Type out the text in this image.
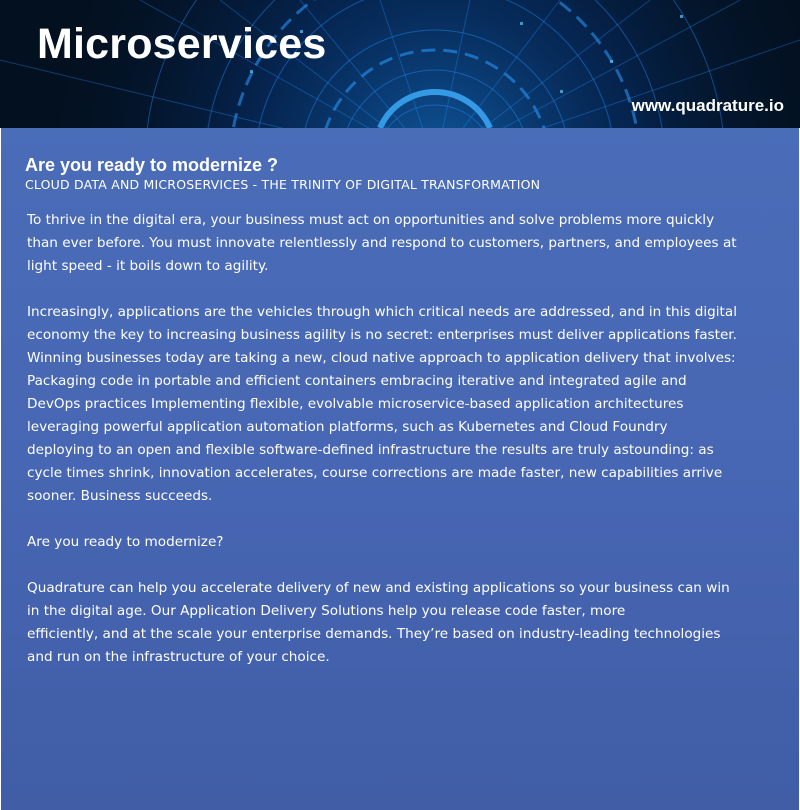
Microservices
www.quadrature.io
Are you ready to modernize ?
CLOUD DATA AND MICROSERVICES - THE TRINITY OF DIGITAL TRANSFORMATION

To thrive in the digital era, your business must act on opportunities and solve problems more quickly
than ever before. You must innovate relentlessly and respond to customers, partners, and employees at
light speed - it boils down to agility.

Increasingly, applications are the vehicles through which critical needs are addressed, and in this digital
economy the key to increasing business agility is no secret: enterprises must deliver applications faster.
Winning businesses today are taking a new, cloud native approach to application delivery that involves:
Packaging code in portable and efficient containers embracing iterative and integrated agile and
DevOps practices Implementing flexible, evolvable microservice-based application architectures
leveraging powerful application automation platforms, such as Kubernetes and Cloud Foundry
deploying to an open and flexible software-defined infrastructure the results are truly astounding: as
cycle times shrink, innovation accelerates, course corrections are made faster, new capabilities arrive
sooner. Business succeeds.

Are you ready to modernize?

Quadrature can help you accelerate delivery of new and existing applications so your business can win
in the digital age. Our Application Delivery Solutions help you release code faster, more
efficiently, and at the scale your enterprise demands. They’re based on industry-leading technologies
and run on the infrastructure of your choice.
